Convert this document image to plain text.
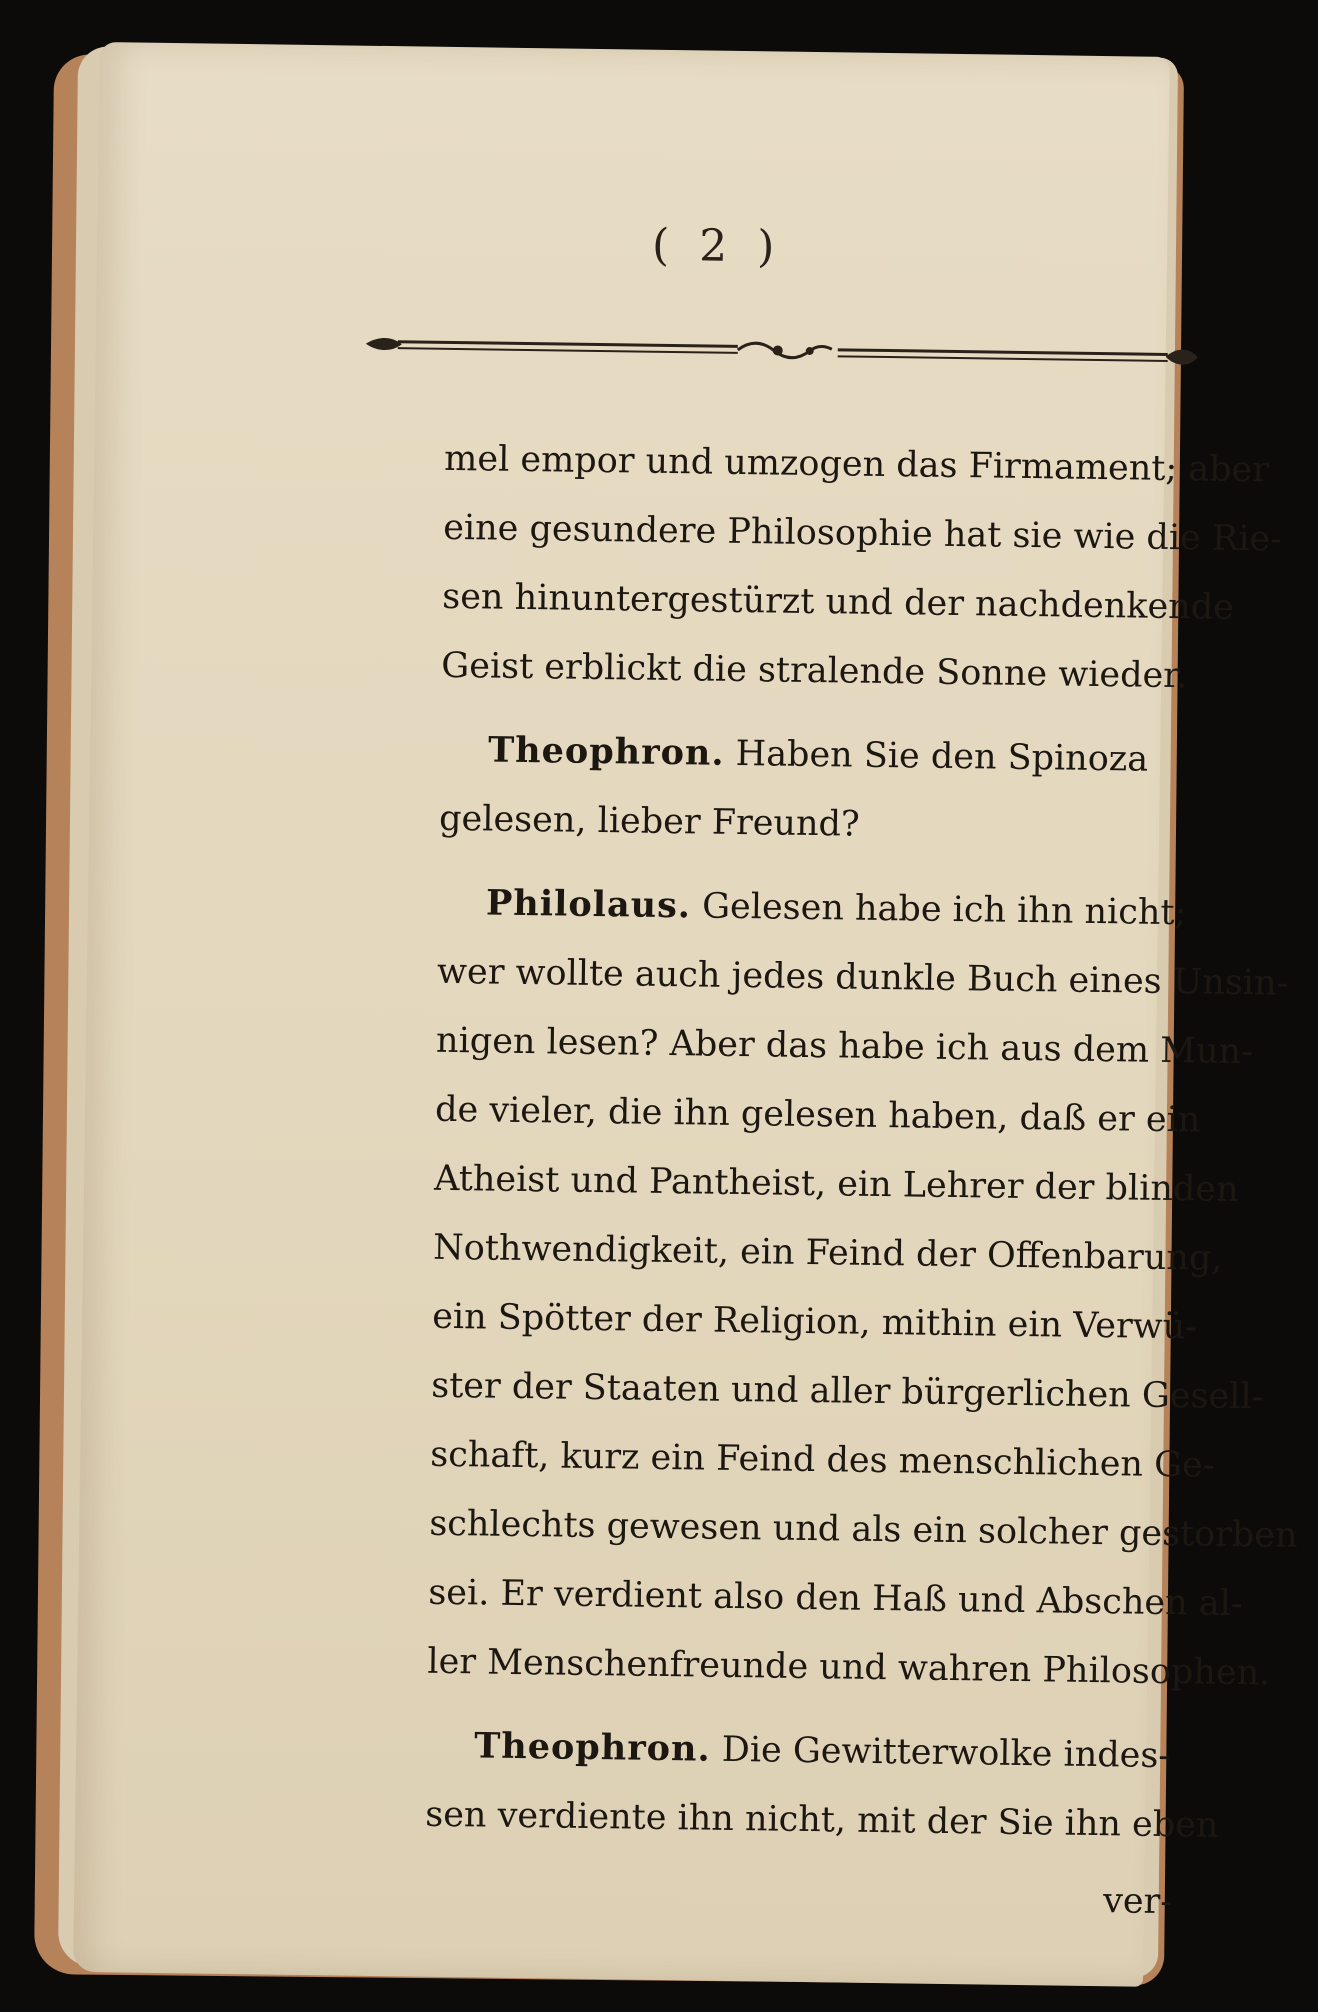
( 2 )
mel empor und umzogen das Firmament; aber
eine gesundere Philosophie hat sie wie die Rie-
sen hinuntergestürzt und der nachdenkende
Geist erblickt die stralende Sonne wieder.
Theophron. Haben Sie den Spinoza
gelesen, lieber Freund?
Philolaus. Gelesen habe ich ihn nicht;
wer wollte auch jedes dunkle Buch eines Unsin-
nigen lesen? Aber das habe ich aus dem Mun-
de vieler, die ihn gelesen haben, daß er ein
Atheist und Pantheist, ein Lehrer der blinden
Nothwendigkeit, ein Feind der Offenbarung,
ein Spötter der Religion, mithin ein Verwü-
ster der Staaten und aller bürgerlichen Gesell-
schaft, kurz ein Feind des menschlichen Ge-
schlechts gewesen und als ein solcher gestorben
sei. Er verdient also den Haß und Abschen al-
ler Menschenfreunde und wahren Philosophen.
Theophron. Die Gewitterwolke indes-
sen verdiente ihn nicht, mit der Sie ihn eben
ver-
